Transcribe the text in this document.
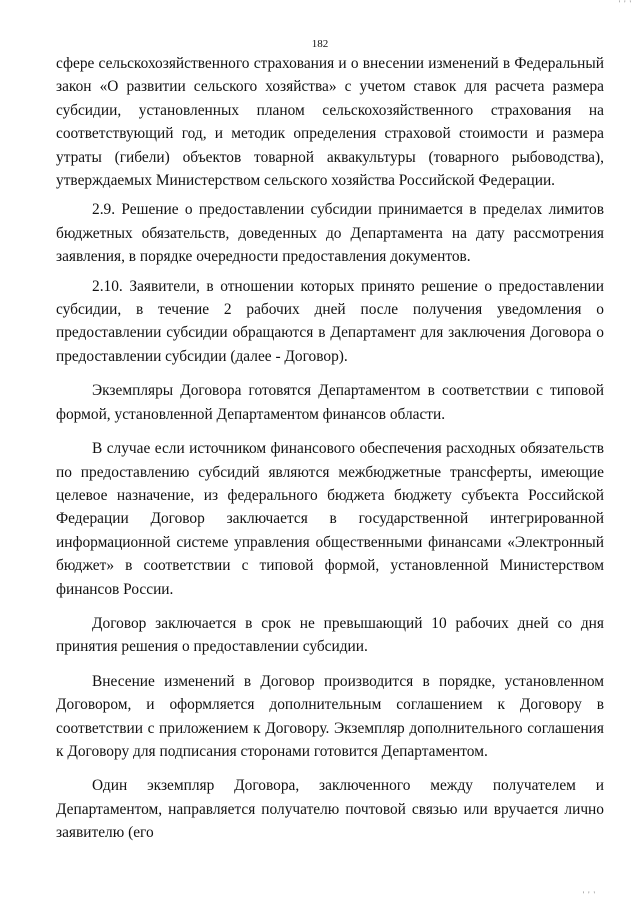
' ' '
182

сфере сельскохозяйственного страхования и о внесении изменений в Федеральный закон «О развитии сельского хозяйства» с учетом ставок для расчета размера субсидии, установленных планом сельскохозяйственного страхования на соответствующий год, и методик определения страховой стоимости и размера утраты (гибели) объектов товарной аквакультуры (товарного рыбоводства), утверждаемых Министерством сельского хозяйства Российской Федерации.

2.9. Решение о предоставлении субсидии принимается в пределах лимитов бюджетных обязательств, доведенных до Департамента на дату рассмотрения заявления, в порядке очередности предоставления документов.

2.10. Заявители, в отношении которых принято решение о предоставлении субсидии, в течение 2 рабочих дней после получения уведомления о предоставлении субсидии обращаются в Департамент для заключения Договора о предоставлении субсидии (далее - Договор).

Экземпляры Договора готовятся Департаментом в соответствии с типовой формой, установленной Департаментом финансов области.

В случае если источником финансового обеспечения расходных обязательств по предоставлению субсидий являются межбюджетные трансферты, имеющие целевое назначение, из федерального бюджета бюджету субъекта Российской Федерации Договор заключается в государственной интегрированной информационной системе управления общественными финансами «Электронный бюджет» в соответствии с типовой формой, установленной Министерством финансов России.

Договор заключается в срок не превышающий 10 рабочих дней со дня принятия решения о предоставлении субсидии.

Внесение изменений в Договор производится в порядке, установленном Договором, и оформляется дополнительным соглашением к Договору в соответствии с приложением к Договору. Экземпляр дополнительного соглашения к Договору для подписания сторонами готовится Департаментом.

Один экземпляр Договора, заключенного между получателем и Департаментом, направляется получателю почтовой связью или вручается лично заявителю (его

' ' '
